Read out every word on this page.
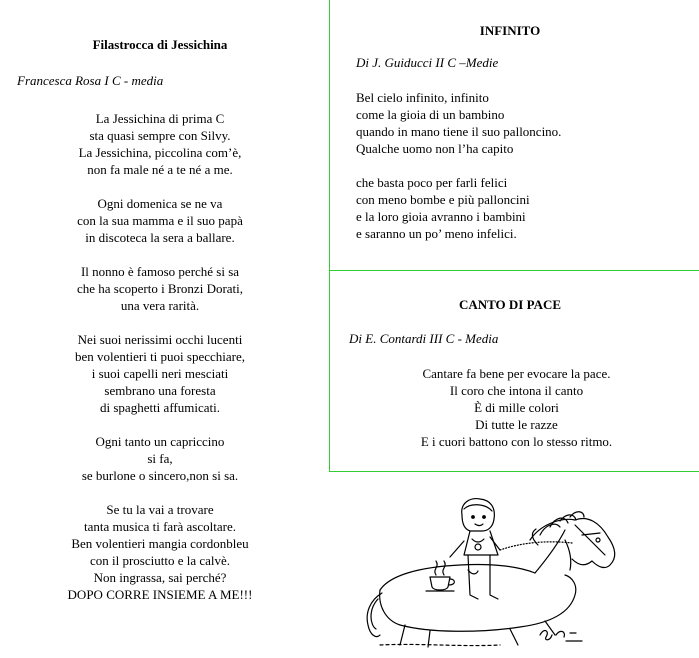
Filastrocca di Jessichina
Francesca Rosa I C - media
La Jessichina di prima C
sta quasi sempre con Silvy.
La Jessichina, piccolina com’è,
non fa male né a te né a me.
Ogni domenica se ne va
con la sua mamma e il suo papà
in discoteca la sera a ballare.
Il nonno è famoso perché si sa
che ha scoperto i Bronzi Dorati,
una vera rarità.
Nei suoi nerissimi occhi lucenti
ben volentieri ti puoi specchiare,
i suoi capelli neri mesciati
sembrano una foresta
di spaghetti affumicati.
Ogni tanto un capriccino
si fa,
se burlone o sincero,non si sa.
Se tu la vai a trovare
tanta musica ti farà ascoltare.
Ben volentieri mangia cordonbleu
con il prosciutto e la calvè.
Non ingrassa, sai perché?
DOPO CORRE INSIEME A ME!!!
INFINITO
Di J. Guiducci II C –Medie
Bel cielo infinito, infinito
come la gioia di un bambino
quando in mano tiene il suo palloncino.
Qualche uomo non l’ha capito
che basta poco per farli felici
con meno bombe e più palloncini
e la loro gioia avranno i bambini
e saranno un po’ meno infelici.
CANTO DI PACE
Di E. Contardi III C - Media
Cantare fa bene per evocare la pace.
Il coro che intona il canto
È di mille colori
Di tutte le razze
E i cuori battono con lo stesso ritmo.
